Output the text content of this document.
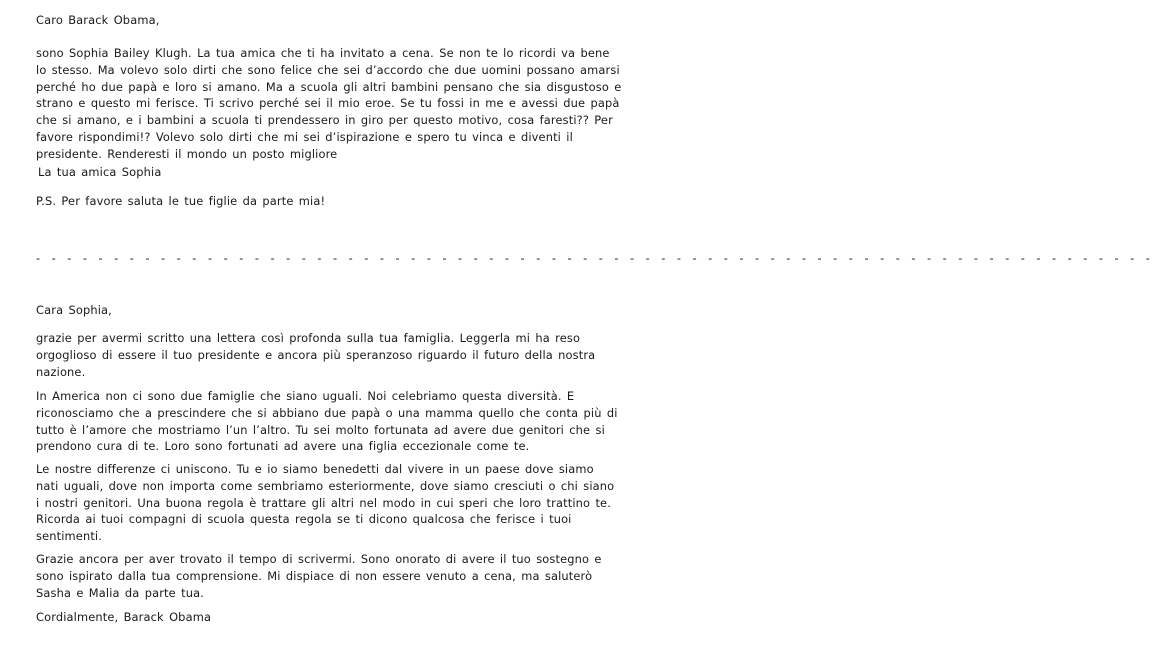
Caro Barack Obama,

sono Sophia Bailey Klugh. La tua amica che ti ha invitato a cena. Se non te lo ricordi va bene
lo stesso. Ma volevo solo dirti che sono felice che sei d’accordo che due uomini possano amarsi
perché ho due papà e loro si amano. Ma a scuola gli altri bambini pensano che sia disgustoso e
strano e questo mi ferisce. Ti scrivo perché sei il mio eroe. Se tu fossi in me e avessi due papà
che si amano, e i bambini a scuola ti prendessero in giro per questo motivo, cosa faresti?? Per
favore rispondimi!? Volevo solo dirti che mi sei d’ispirazione e spero tu vinca e diventi il
presidente. Renderesti il mondo un posto migliore

La tua amica Sophia

P.S. Per favore saluta le tue figlie da parte mia!

- - - - - - - - - - - - - - - - - - - - - - - - - - - - - - - - - - - - - - - - - - - - - - - - - - - - - - - - - - - - - - - - - - - - - - - -

Cara Sophia,

grazie per avermi scritto una lettera così profonda sulla tua famiglia. Leggerla mi ha reso
orgoglioso di essere il tuo presidente e ancora più speranzoso riguardo il futuro della nostra
nazione.

In America non ci sono due famiglie che siano uguali. Noi celebriamo questa diversità. E
riconosciamo che a prescindere che si abbiano due papà o una mamma quello che conta più di
tutto è l’amore che mostriamo l’un l’altro. Tu sei molto fortunata ad avere due genitori che si
prendono cura di te. Loro sono fortunati ad avere una figlia eccezionale come te.

Le nostre differenze ci uniscono. Tu e io siamo benedetti dal vivere in un paese dove siamo
nati uguali, dove non importa come sembriamo esteriormente, dove siamo cresciuti o chi siano
i nostri genitori. Una buona regola è trattare gli altri nel modo in cui speri che loro trattino te.
Ricorda ai tuoi compagni di scuola questa regola se ti dicono qualcosa che ferisce i tuoi
sentimenti.

Grazie ancora per aver trovato il tempo di scrivermi. Sono onorato di avere il tuo sostegno e
sono ispirato dalla tua comprensione. Mi dispiace di non essere venuto a cena, ma saluterò
Sasha e Malia da parte tua.

Cordialmente, Barack Obama
